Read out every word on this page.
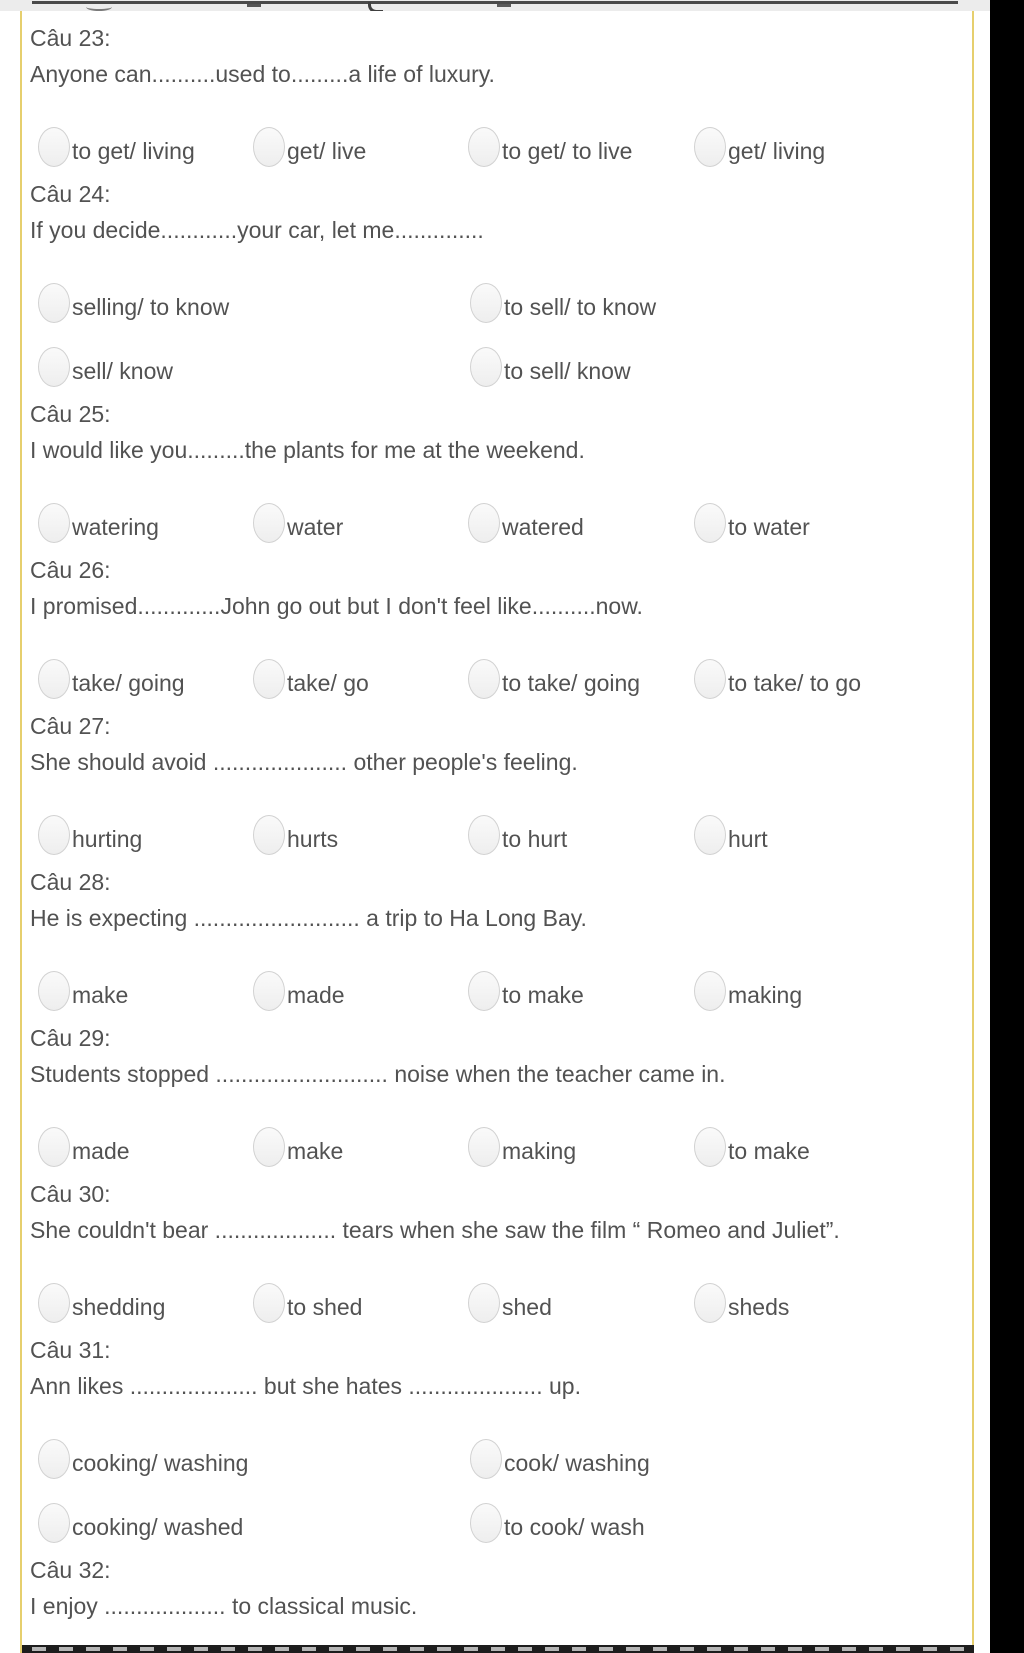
Câu 23:
Anyone can..........used to.........a life of luxury.
to get/ living	get/ live	to get/ to live	get/ living
Câu 24:
If you decide............your car, let me..............
selling/ to know	to sell/ to know
sell/ know	to sell/ know
Câu 25:
I would like you.........the plants for me at the weekend.
watering	water	watered	to water
Câu 26:
I promised.............John go out but I don't feel like..........now.
take/ going	take/ go	to take/ going	to take/ to go
Câu 27:
She should avoid ..................... other people's feeling.
hurting	hurts	to hurt	hurt
Câu 28:
He is expecting .......................... a trip to Ha Long Bay.
make	made	to make	making
Câu 29:
Students stopped ........................... noise when the teacher came in.
made	make	making	to make
Câu 30:
She couldn't bear ................... tears when she saw the film “ Romeo and Juliet”.
shedding	to shed	shed	sheds
Câu 31:
Ann likes .................... but she hates ..................... up.
cooking/ washing	cook/ washing
cooking/ washed	to cook/ wash
Câu 32:
I enjoy ................... to classical music.
